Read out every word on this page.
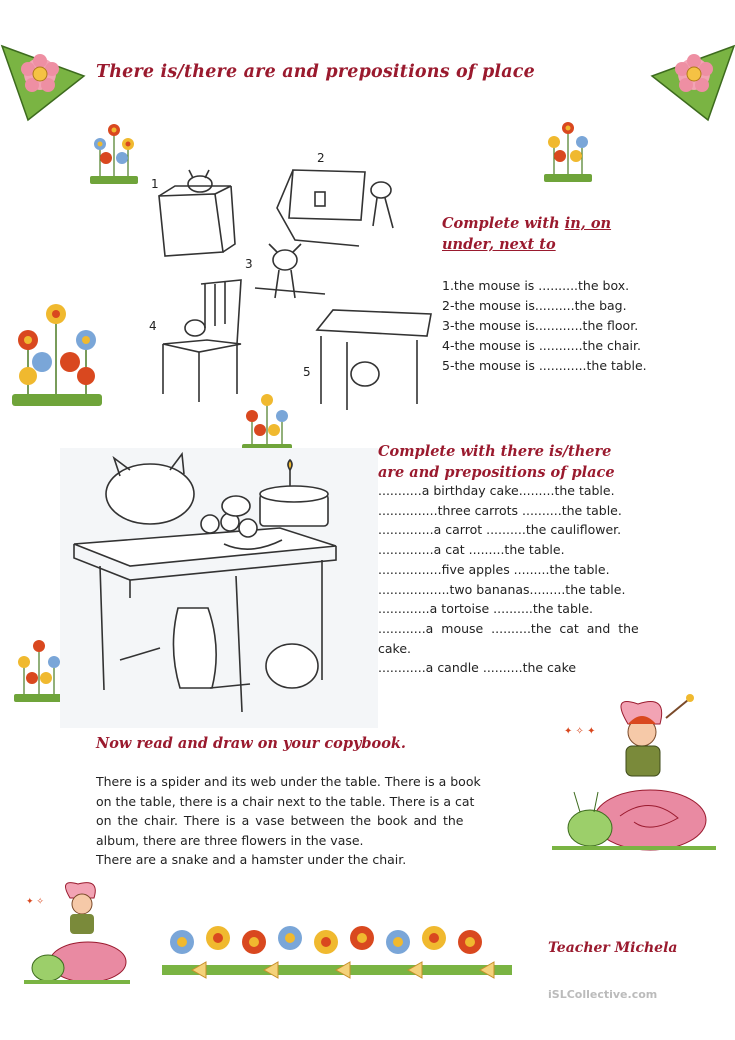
There is/there are and prepositions of place
1
2
3
4
5
Complete with in, on
under, next to
1.the mouse is ..........the box.
2-the mouse is..........the bag.
3-the mouse is............the floor.
4-the mouse is ...........the chair.
5-the mouse is ............the table.
Complete with there is/there
are and prepositions of place
...........a birthday cake.........the table.
...............three carrots ..........the table.
..............a carrot ..........the cauliflower.
..............a cat .........the table.
................five apples .........the table.
..................two bananas.........the table.
.............a tortoise ..........the table.
............a  mouse  ..........the  cat  and  the
cake.
............a candle ..........the cake
Now read and draw on your copybook.
There is a spider and its web under the table. There is a book
on the table, there is a chair next to the table. There is a cat
on the chair. There is a vase between the book and the
album, there are three flowers in the vase.
There are a snake and a hamster under the chair.
✦ ✧ ✦
✦ ✧
Teacher Michela
iSLCollective.com
